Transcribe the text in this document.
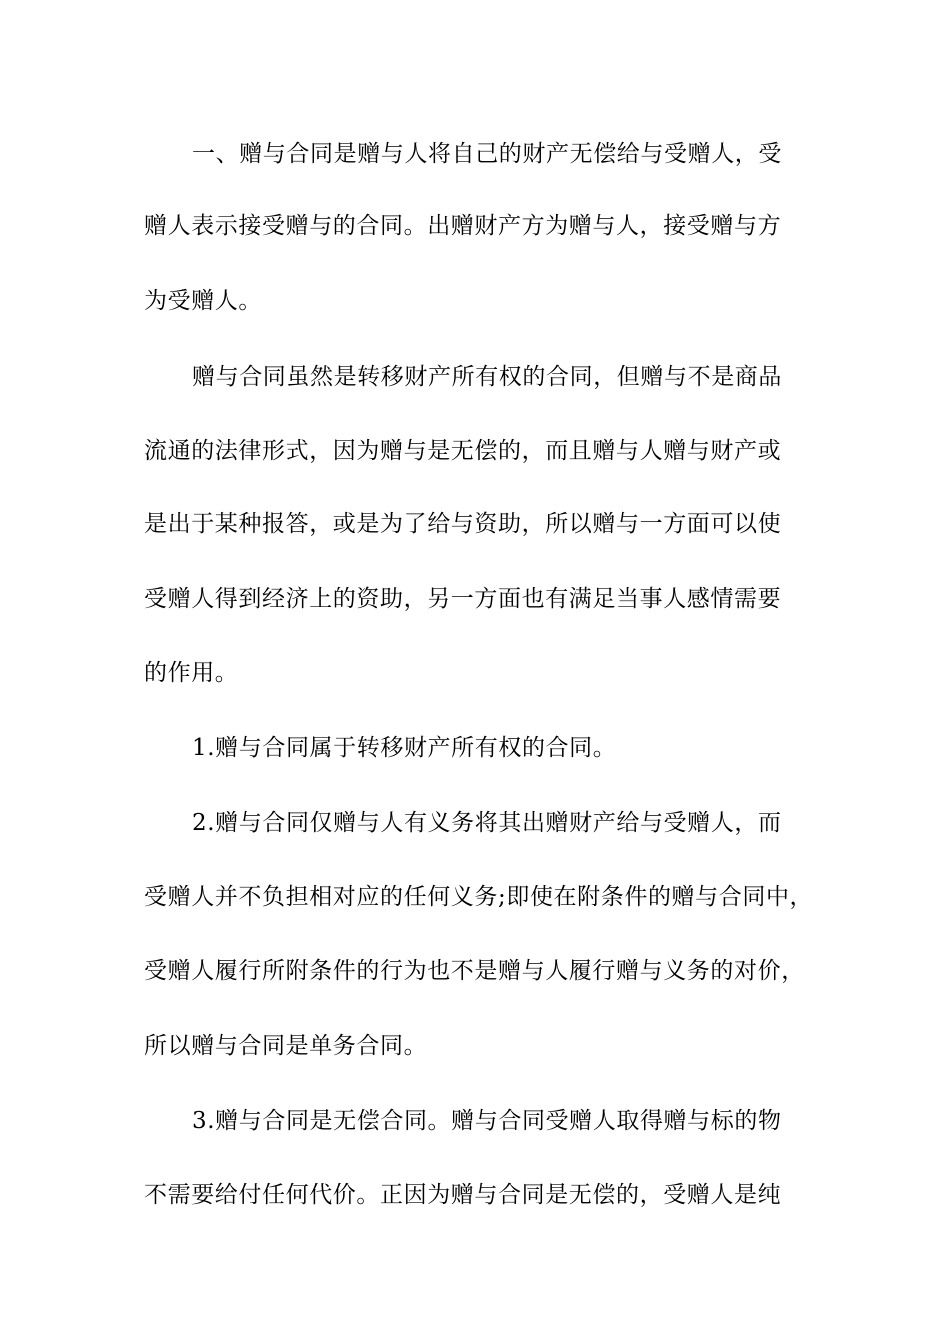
一、赠与合同是赠与人将自己的财产无偿给与受赠人，受
赠人表示接受赠与的合同。出赠财产方为赠与人，接受赠与方
为受赠人。
赠与合同虽然是转移财产所有权的合同，但赠与不是商品
流通的法律形式，因为赠与是无偿的，而且赠与人赠与财产或
是出于某种报答，或是为了给与资助，所以赠与一方面可以使
受赠人得到经济上的资助，另一方面也有满足当事人感情需要
的作用。
1.赠与合同属于转移财产所有权的合同。
2.赠与合同仅赠与人有义务将其出赠财产给与受赠人，而
受赠人并不负担相对应的任何义务;即使在附条件的赠与合同中，
受赠人履行所附条件的行为也不是赠与人履行赠与义务的对价，
所以赠与合同是单务合同。
3.赠与合同是无偿合同。赠与合同受赠人取得赠与标的物
不需要给付任何代价。正因为赠与合同是无偿的，受赠人是纯
